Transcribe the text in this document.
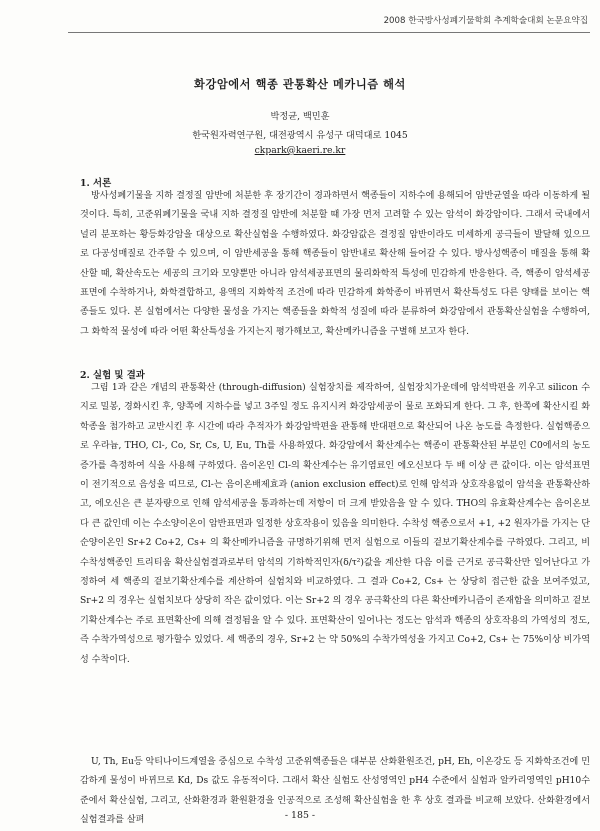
2008 한국방사성폐기물학회 추계학술대회 논문요약집
화강암에서 핵종 관통확산 메카니즘 해석
박정균, 백민훈
한국원자력연구원, 대전광역시 유성구 대덕대로 1045
ckpark@kaeri.re.kr
1. 서론
방사성폐기물을 지하 결정질 암반에 처분한 후 장기간이 경과하면서 핵종들이 지하수에 용해되어 암반균열을 따라 이동하게 될 것이다. 특히, 고준위폐기물을 국내 지하 결정질 암반에 처분할 때 가장 먼저 고려할 수 있는 암석이 화강암이다. 그래서 국내에서 널리 분포하는 황등화강암을 대상으로 확산실험을 수행하였다. 화강암값은 결정질 암반이라도 미세하게 공극들이 발달해 있으므로 다공성매질로 간주할 수 있으며, 이 암반세공을 통해 핵종들이 암반내로 확산해 들어갈 수 있다. 방사성핵종이 매질을 통해 확산할 때, 확산속도는 세공의 크기와 모양뿐만 아니라 암석세공표면의 물리화학적 특성에 민감하게 반응한다. 즉, 핵종이 암석세공표면에 수착하거나, 화학결합하고, 용액의 지화학적 조건에 따라 민감하게 화학종이 바뀌면서 확산특성도 다른 양태를 보이는 핵종들도 있다. 본 실험에서는 다양한 물성을 가지는 핵종들을 화학적 성질에 따라 분류하여 화강암에서 관통확산실험을 수행하여, 그 화학적 물성에 따라 어떤 확산특성을 가지는지 평가해보고, 확산메카니즘을 구별해 보고자 한다.
2. 실험 및 결과
그림 1과 같은 개념의 관통확산 (through-diffusion) 실험장치를 제작하여, 실험장치가운데에 암석박편을 끼우고 silicon 수지로 밀봉, 경화시킨 후, 양쪽에 지하수를 넣고 3주일 정도 유지시켜 화강암세공이 물로 포화되게 한다. 그 후, 한쪽에 확산시킬 화학종을 첨가하고 교반시킨 후 시간에 따라 추적자가 화강암박편을 관통해 반대편으로 확산되어 나온 농도를 측정한다. 실험핵종으로 우라늄, THO, Cl-, Co, Sr, Cs, U, Eu, Th를 사용하였다. 화강암에서 확산계수는 핵종이 관통확산된 부분인 C0에서의 농도증가를 측정하여 식을 사용해 구하였다. 음이온인 Cl-의 확산계수는 유기염료인 에오신보다 두 배 이상 큰 값이다. 이는 암석표면이 전기적으로 음성을 띠므로, Cl-는 음이온배제효과 (anion exclusion effect)로 인해 암석과 상호작용없이 암석을 관통확산하고, 에오신은 큰 분자량으로 인해 암석세공을 통과하는데 저항이 더 크게 받았음을 알 수 있다. THO의 유효확산계수는 음이온보다 큰 값인데 이는 수소양이온이 암반표면과 일정한 상호작용이 있음을 의미한다. 수착성 핵종으로서 +1, +2 원자가를 가지는 단순양이온인 Sr+2 Co+2, Cs+ 의 확산메카니즘을 규명하기위해 먼저 실험으로 이들의 겉보기확산계수를 구하였다. 그리고, 비수착성핵종인 트리티움 확산실험결과로부터 암석의 기하학적인자(δ/τ²)값을 계산한 다음 이를 근거로 공극확산만 일어난다고 가정하여 세 핵종의 겉보기확산계수를 계산하여 실험치와 비교하였다. 그 결과 Co+2, Cs+ 는 상당히 접근한 값을 보여주었고, Sr+2 의 경우는 실험치보다 상당히 작은 값이었다. 이는 Sr+2 의 경우 공극확산의 다른 확산메카니즘이 존재함을 의미하고 겉보기확산계수는 주로 표면확산에 의해 결정됨을 알 수 있다. 표면확산이 일어나는 정도는 암석과 핵종의 상호작용의 가역성의 정도, 즉 수착가역성으로 평가할수 있었다. 세 핵종의 경우, Sr+2 는 약 50%의 수착가역성을 가지고 Co+2, Cs+ 는 75%이상 비가역성 수착이다.
U, Th, Eu등 악티나이드계열을 중심으로 수착성 고준위핵종들은 대부분 산화환원조건, pH, Eh, 이온강도 등 지화학조건에 민감하게 물성이 바뀌므로 Kd, Ds 값도 유동적이다. 그래서 확산 실험도 산성영역인 pH4 수준에서 실험과 알카리영역인 pH10수준에서 확산실험, 그리고, 산화환경과 환원환경을 인공적으로 조성해 확산실험을 한 후 상호 결과를 비교해 보았다. 산화환경에서 실험결과를 살펴	- 185 -
